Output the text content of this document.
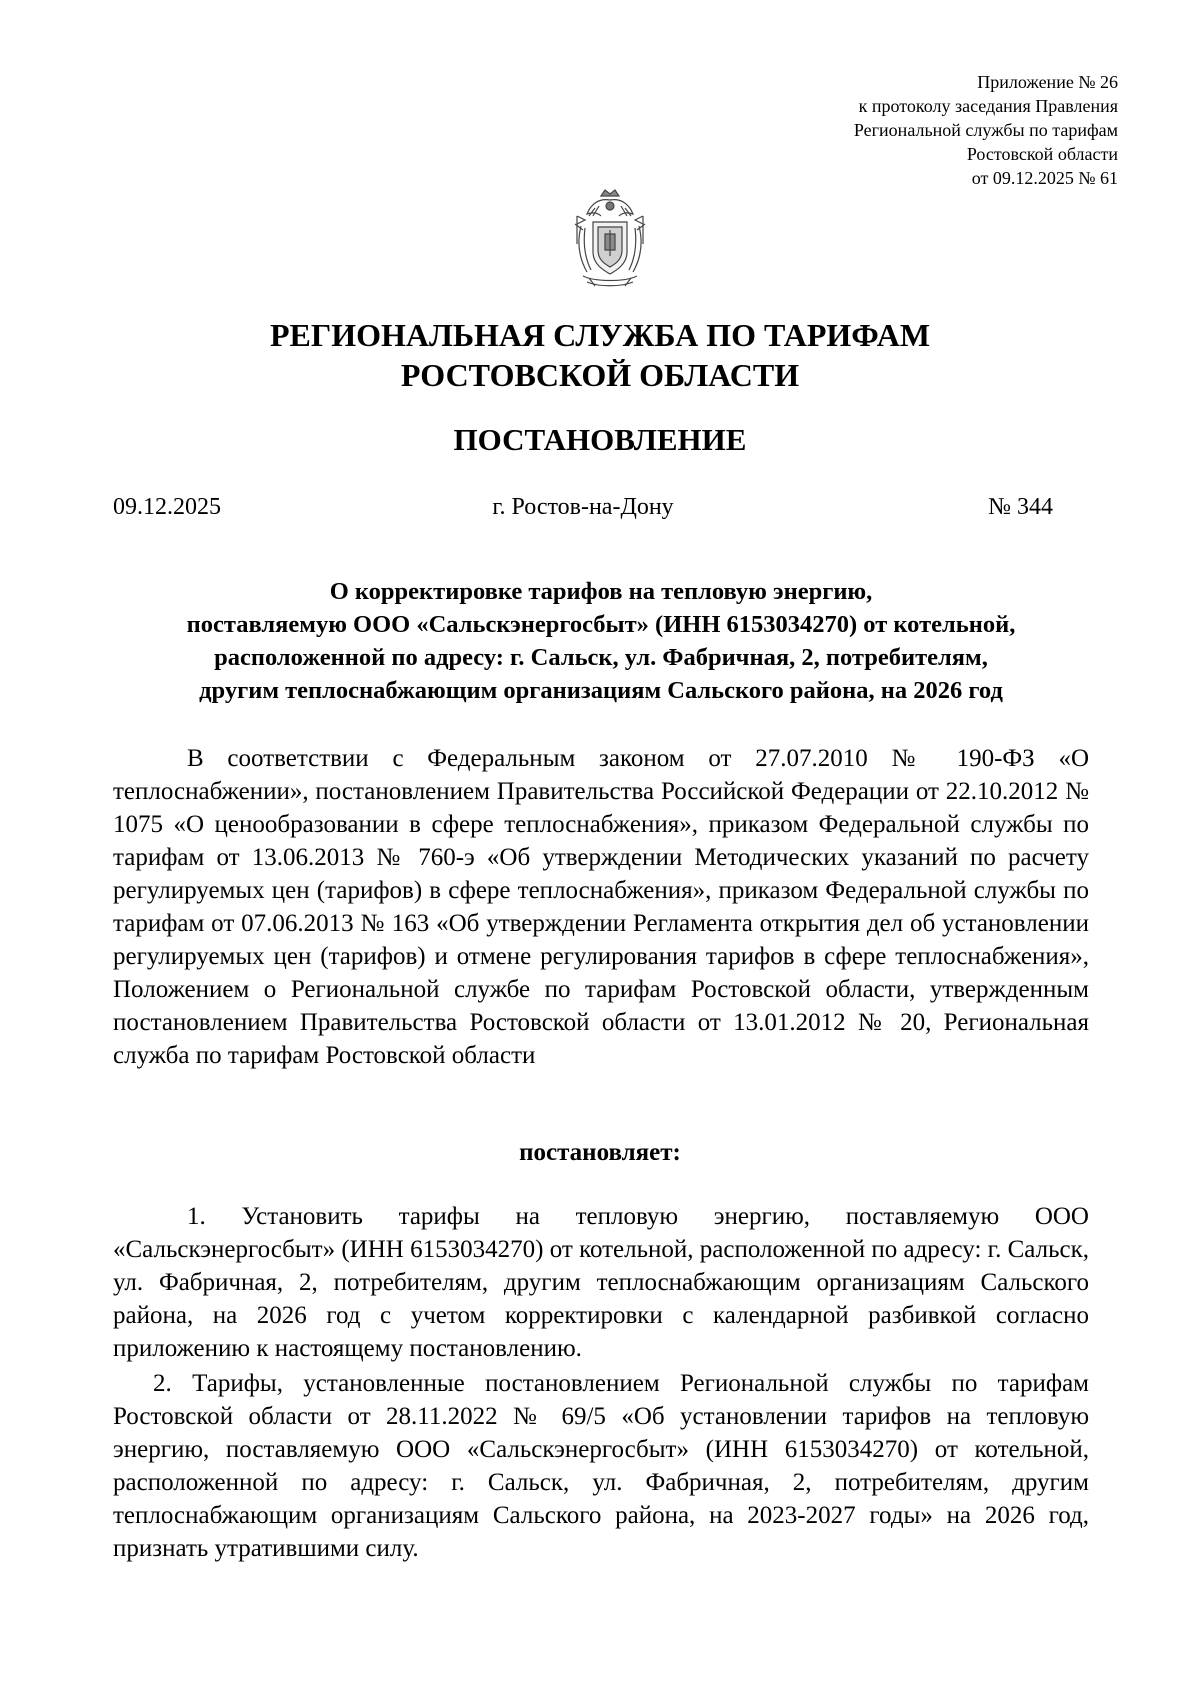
Приложение № 26
к протоколу заседания Правления
Региональной службы по тарифам
Ростовской области
от 09.12.2025 № 61
РЕГИОНАЛЬНАЯ СЛУЖБА ПО ТАРИФАМ
РОСТОВСКОЙ ОБЛАСТИ
ПОСТАНОВЛЕНИЕ
09.12.2025	г. Ростов-на-Дону	№ 344
О корректировке тарифов на тепловую энергию,
поставляемую ООО «Сальскэнергосбыт» (ИНН 6153034270) от котельной,
расположенной по адресу: г. Сальск, ул. Фабричная, 2, потребителям,
другим теплоснабжающим организациям Сальского района, на 2026 год

В соответствии с Федеральным законом от 27.07.2010 № 190-ФЗ «О теплоснабжении», постановлением Правительства Российской Федерации от 22.10.2012 № 1075 «О ценообразовании в сфере теплоснабжения», приказом Федеральной службы по тарифам от 13.06.2013 № 760-э «Об утверждении Методических указаний по расчету регулируемых цен (тарифов) в сфере теплоснабжения», приказом Федеральной службы по тарифам от 07.06.2013 № 163 «Об утверждении Регламента открытия дел об установлении регулируемых цен (тарифов) и отмене регулирования тарифов в сфере теплоснабжения», Положением о Региональной службе по тарифам Ростовской области, утвержденным постановлением Правительства Ростовской области от 13.01.2012 № 20, Региональная служба по тарифам Ростовской области

постановляет:

1. Установить тарифы на тепловую энергию, поставляемую ООО «Сальскэнергосбыт» (ИНН 6153034270) от котельной, расположенной по адресу: г. Сальск, ул. Фабричная, 2, потребителям, другим теплоснабжающим организациям Сальского района, на 2026 год с учетом корректировки с календарной разбивкой согласно приложению к настоящему постановлению.

2. Тарифы, установленные постановлением Региональной службы по тарифам Ростовской области от 28.11.2022 № 69/5 «Об установлении тарифов на тепловую энергию, поставляемую ООО «Сальскэнергосбыт» (ИНН 6153034270) от котельной, расположенной по адресу: г. Сальск, ул. Фабричная, 2, потребителям, другим теплоснабжающим организациям Сальского района, на 2023-2027 годы» на 2026 год, признать утратившими силу.
